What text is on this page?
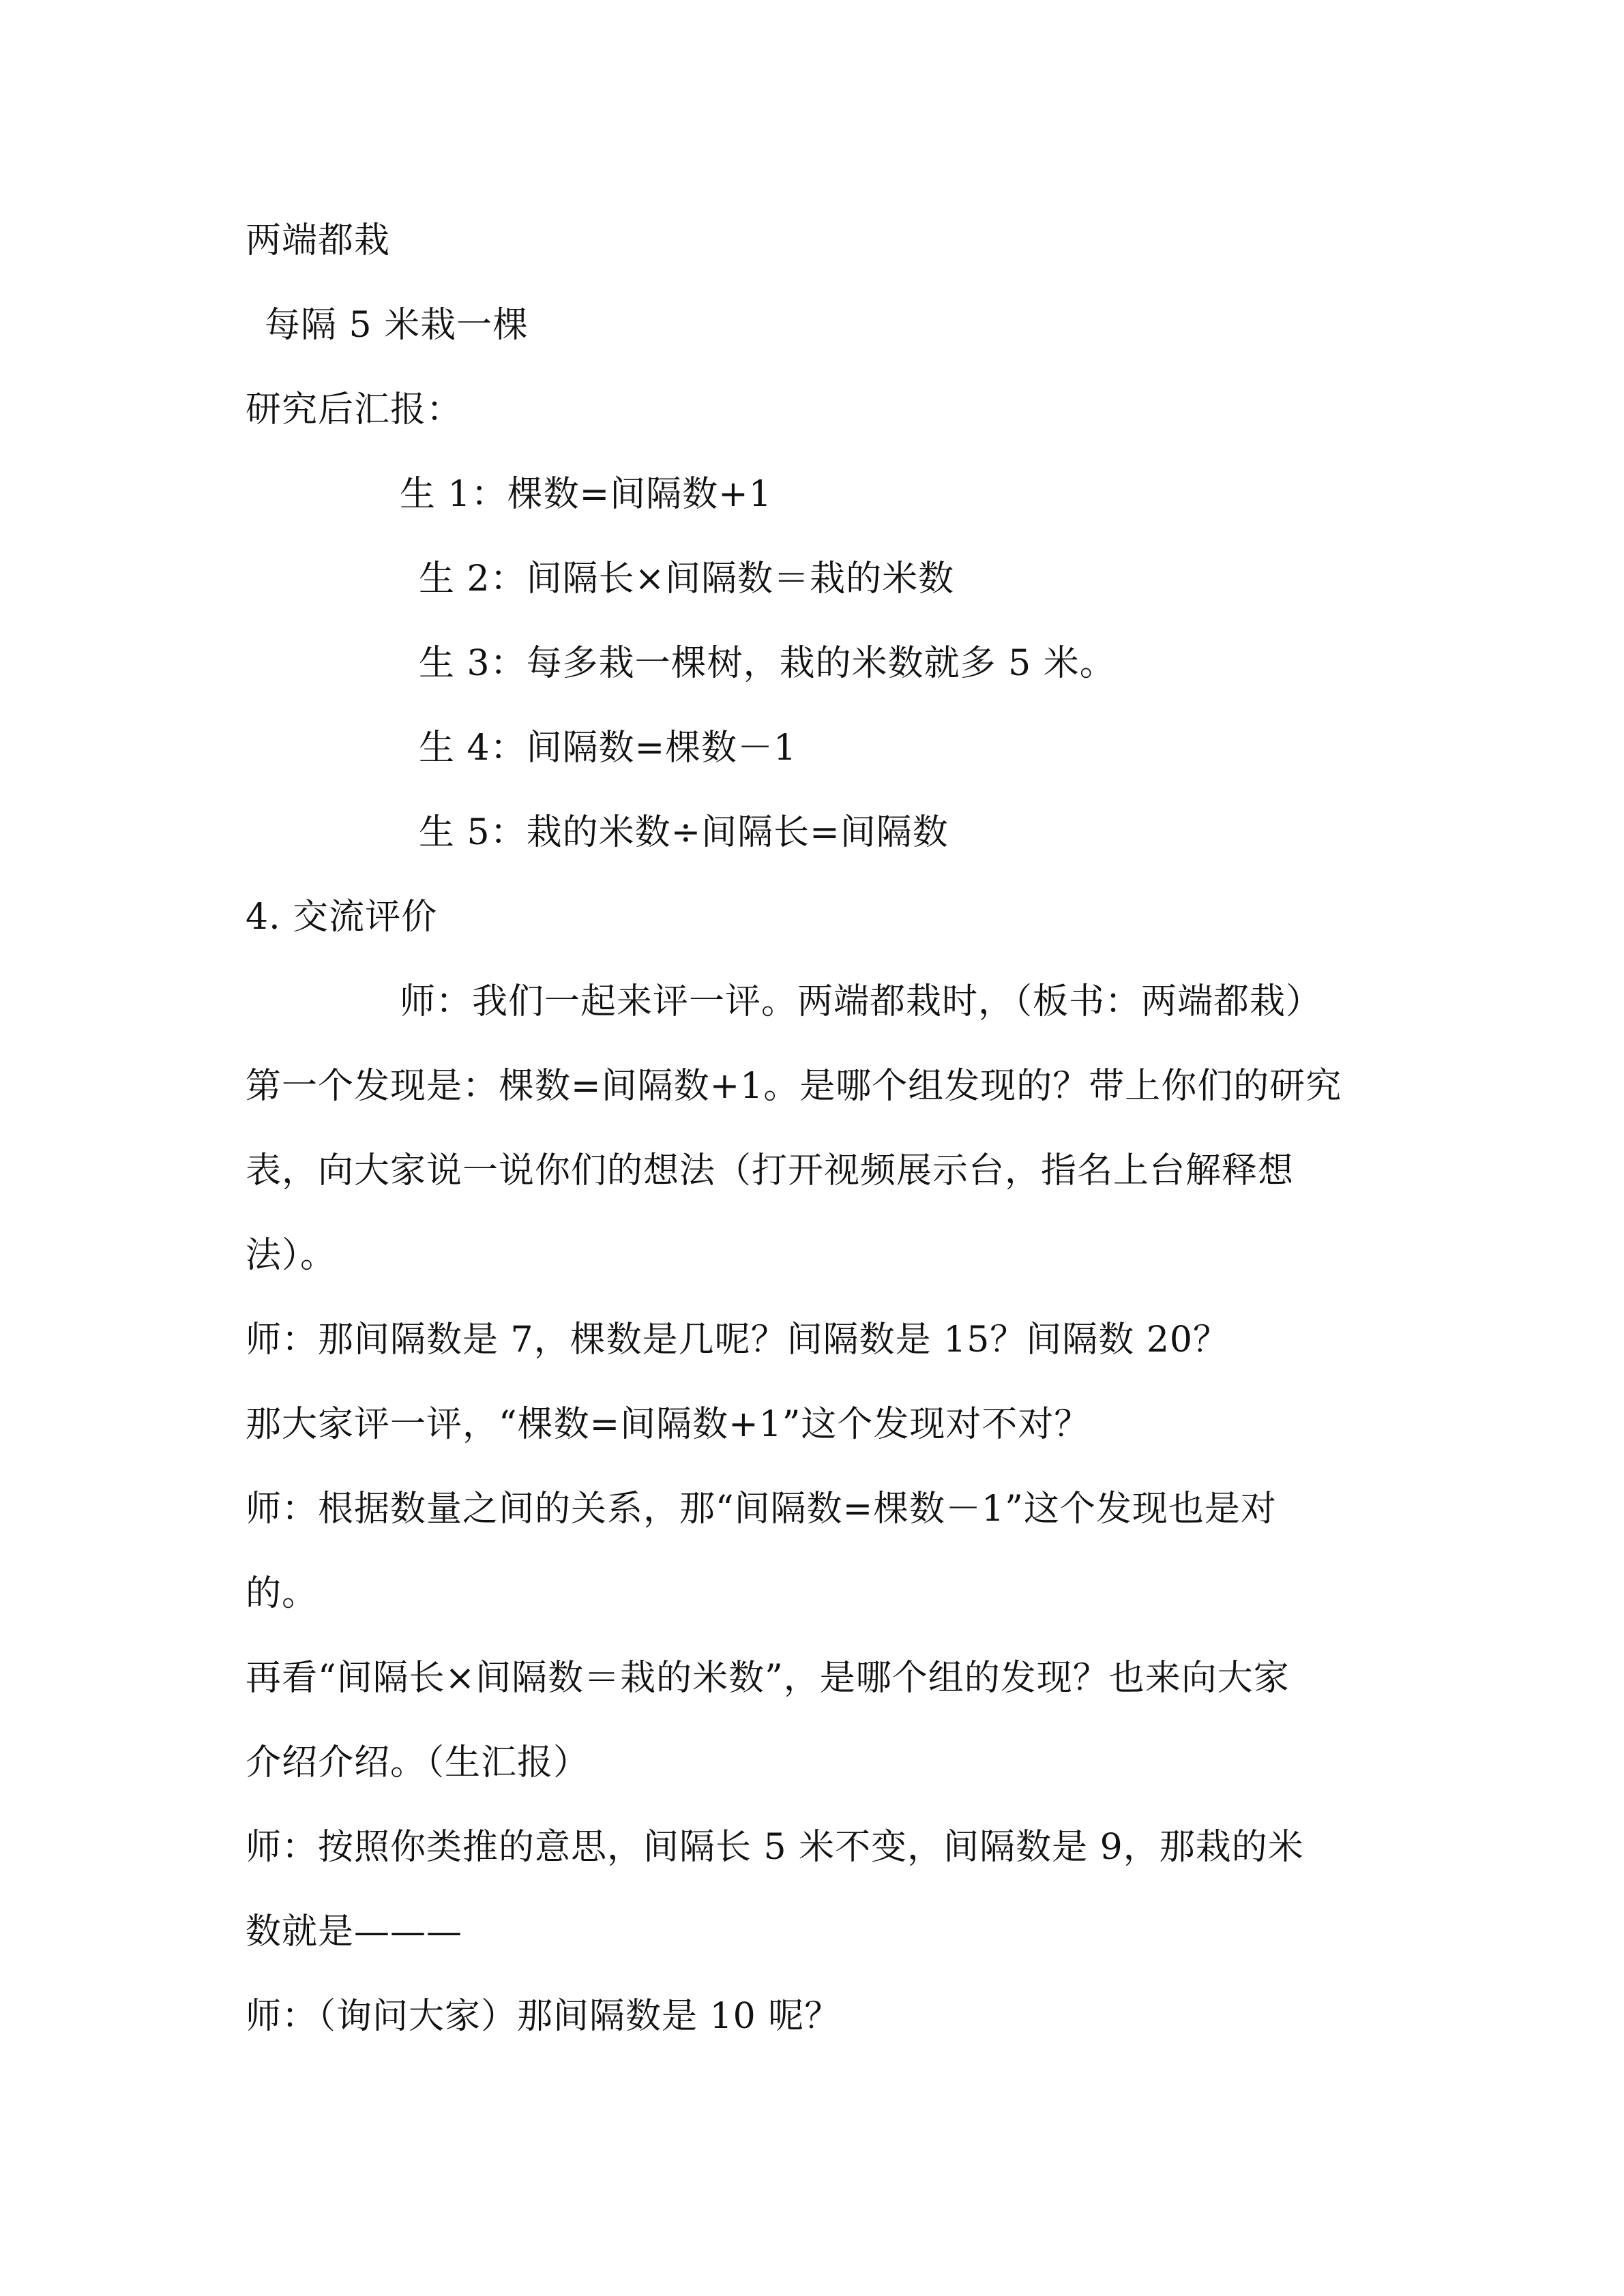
两端都栽

每隔 5 米栽一棵

研究后汇报：

生 1：棵数=间隔数+1

生 2：间隔长×间隔数＝栽的米数

生 3：每多栽一棵树，栽的米数就多 5 米。

生 4：间隔数=棵数－1

生 5：栽的米数÷间隔长=间隔数

4. 交流评价

师：我们一起来评一评。两端都栽时，（板书：两端都栽）

第一个发现是：棵数=间隔数+1。是哪个组发现的？带上你们的研究

表，向大家说一说你们的想法（打开视频展示台，指名上台解释想

法）。

师：那间隔数是 7，棵数是几呢？间隔数是 15？间隔数 20？

那大家评一评，“棵数=间隔数+1”这个发现对不对？

师：根据数量之间的关系，那“间隔数=棵数－1”这个发现也是对

的。

再看“间隔长×间隔数＝栽的米数”，是哪个组的发现？也来向大家

介绍介绍。（生汇报）

师：按照你类推的意思，间隔长 5 米不变，间隔数是 9，那栽的米

数就是———

师：（询问大家）那间隔数是 10 呢？
